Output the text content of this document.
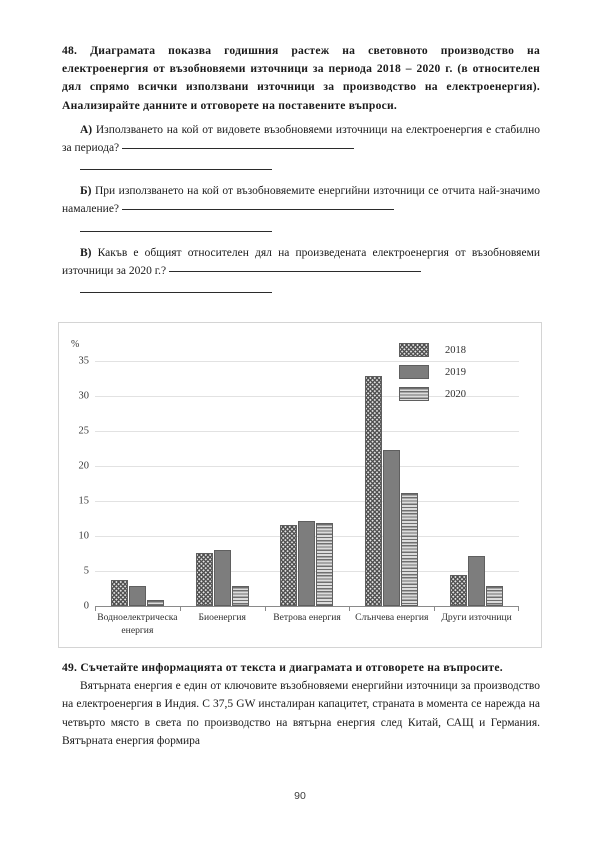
48. Диаграмата показва годишния растеж на световното производство на електроенергия от възобновяеми източници за периода 2018 – 2020 г. (в относителен дял спрямо всички използвани източници за производство на електроенергия). Анализирайте данните и отговорете на поставените въпроси.

А) Използването на кой от видовете възобновяеми източници на електроенергия е стабилно за периода?

Б) При използването на кой от възобновяемите енергийни източници се отчита най-значимо намаление?

В) Какъв е общият относителен дял на произведената електроенергия от възобновяеми източници за 2020 г.?

%
35
30
25
20
15
10
5
0
Водноелектрическа енергия
Биоенергия	Ветрова енергия	Слънчева енергия	Други източници
2018
2019
2020

49. Съчетайте информацията от текста и диаграмата и отговорете на въпросите.

Вятърната енергия е един от ключовите възобновяеми енергийни източници за производство на електроенергия в Индия. С 37,5 GW инсталиран капацитет, страната в момента се нарежда на четвърто място в света по производство на вятърна енергия след Китай, САЩ и Германия. Вятърната енергия формира

90
